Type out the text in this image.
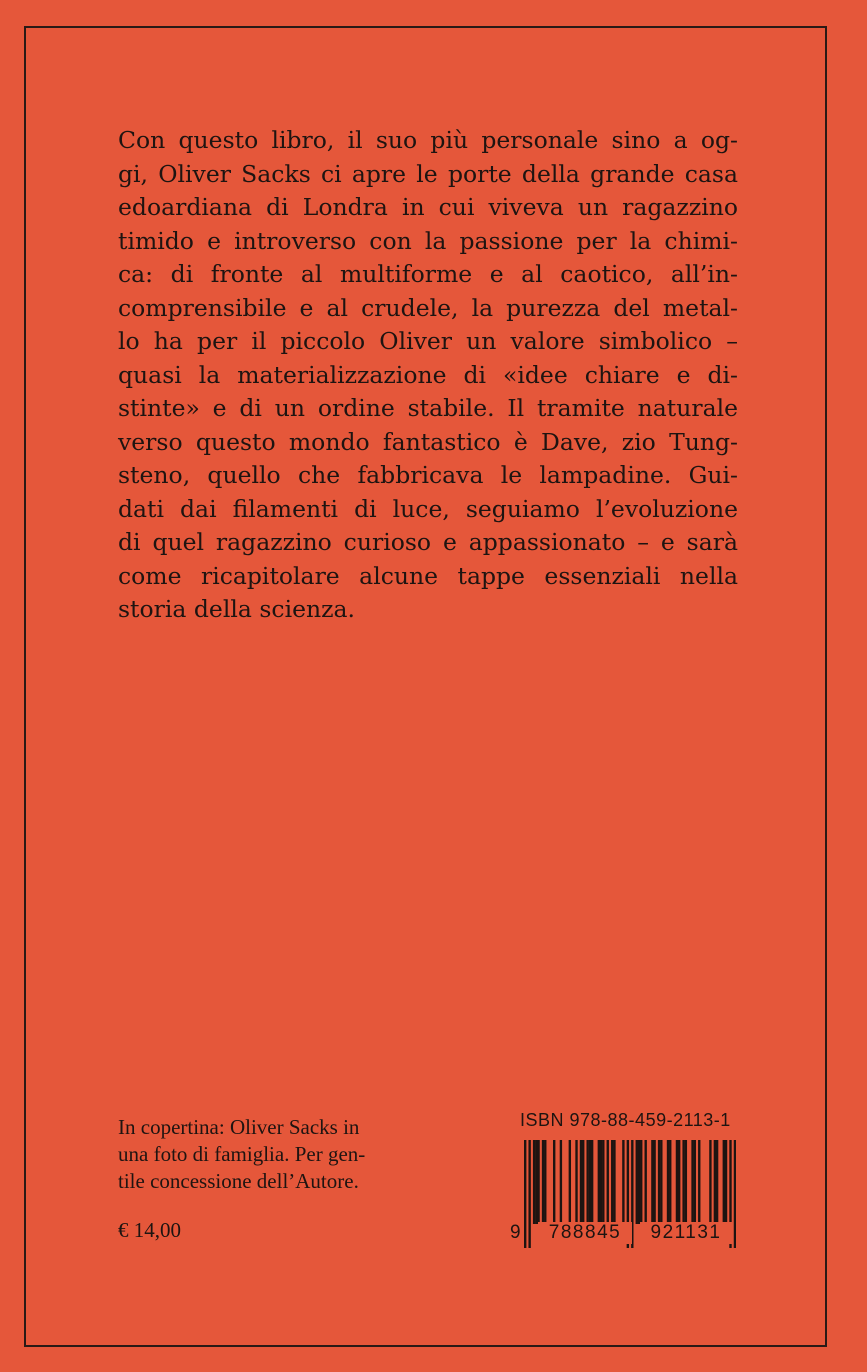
Con questo libro, il suo più personale sino a og-
gi, Oliver Sacks ci apre le porte della grande casa
edoardiana di Londra in cui viveva un ragazzino
timido e introverso con la passione per la chimi-
ca: di fronte al multiforme e al caotico, all’in-
comprensibile e al crudele, la purezza del metal-
lo ha per il piccolo Oliver un valore simbolico –
quasi la materializzazione di «idee chiare e di-
stinte» e di un ordine stabile. Il tramite naturale
verso questo mondo fantastico è Dave, zio Tung-
steno, quello che fabbricava le lampadine. Gui-
dati dai filamenti di luce, seguiamo l’evoluzione
di quel ragazzino curioso e appassionato – e sarà
come ricapitolare alcune tappe essenziali nella
storia della scienza.
In copertina: Oliver Sacks in
una foto di famiglia. Per gen-
tile concessione dell’Autore.
€ 14,00
ISBN 978-88-459-2113-1
9	788845	921131
